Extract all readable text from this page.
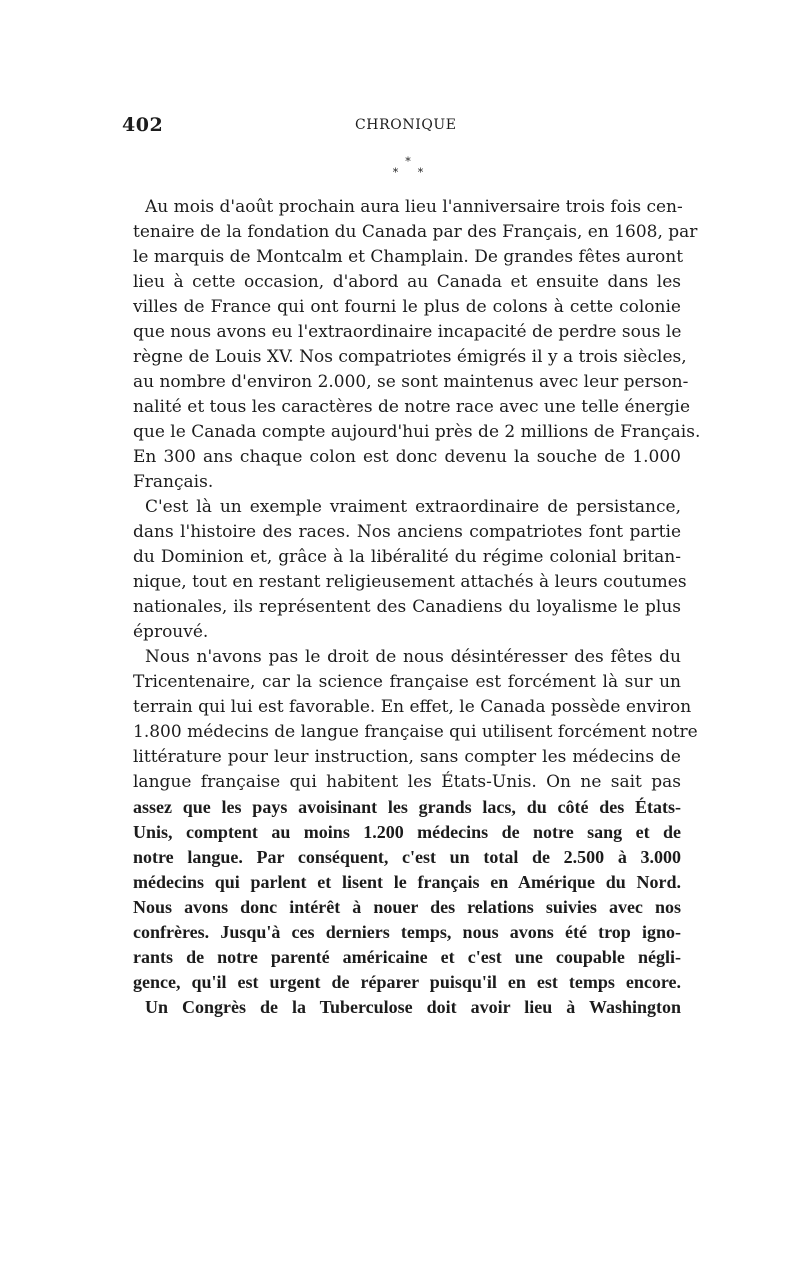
402	CHRONIQUE
*
* *
Au mois d'août prochain aura lieu l'anniversaire trois fois cen-
tenaire de la fondation du Canada par des Français, en 1608, par
le marquis de Montcalm et Champlain. De grandes fêtes auront
lieu à cette occasion, d'abord au Canada et ensuite dans les
villes de France qui ont fourni le plus de colons à cette colonie
que nous avons eu l'extraordinaire incapacité de perdre sous le
règne de Louis XV. Nos compatriotes émigrés il y a trois siècles,
au nombre d'environ 2.000, se sont maintenus avec leur person-
nalité et tous les caractères de notre race avec une telle énergie
que le Canada compte aujourd'hui près de 2 millions de Français.
En 300 ans chaque colon est donc devenu la souche de 1.000
Français.
C'est là un exemple vraiment extraordinaire de persistance,
dans l'histoire des races. Nos anciens compatriotes font partie
du Dominion et, grâce à la libéralité du régime colonial britan-
nique, tout en restant religieusement attachés à leurs coutumes
nationales, ils représentent des Canadiens du loyalisme le plus
éprouvé.
Nous n'avons pas le droit de nous désintéresser des fêtes du
Tricentenaire, car la science française est forcément là sur un
terrain qui lui est favorable. En effet, le Canada possède environ
1.800 médecins de langue française qui utilisent forcément notre
littérature pour leur instruction, sans compter les médecins de
langue française qui habitent les États-Unis. On ne sait pas
assez que les pays avoisinant les grands lacs, du côté des États-
Unis, comptent au moins 1.200 médecins de notre sang et de
notre langue. Par conséquent, c'est un total de 2.500 à 3.000
médecins qui parlent et lisent le français en Amérique du Nord.
Nous avons donc intérêt à nouer des relations suivies avec nos
confrères. Jusqu'à ces derniers temps, nous avons été trop igno-
rants de notre parenté américaine et c'est une coupable négli-
gence, qu'il est urgent de réparer puisqu'il en est temps encore.
Un Congrès de la Tuberculose doit avoir lieu à Washington
